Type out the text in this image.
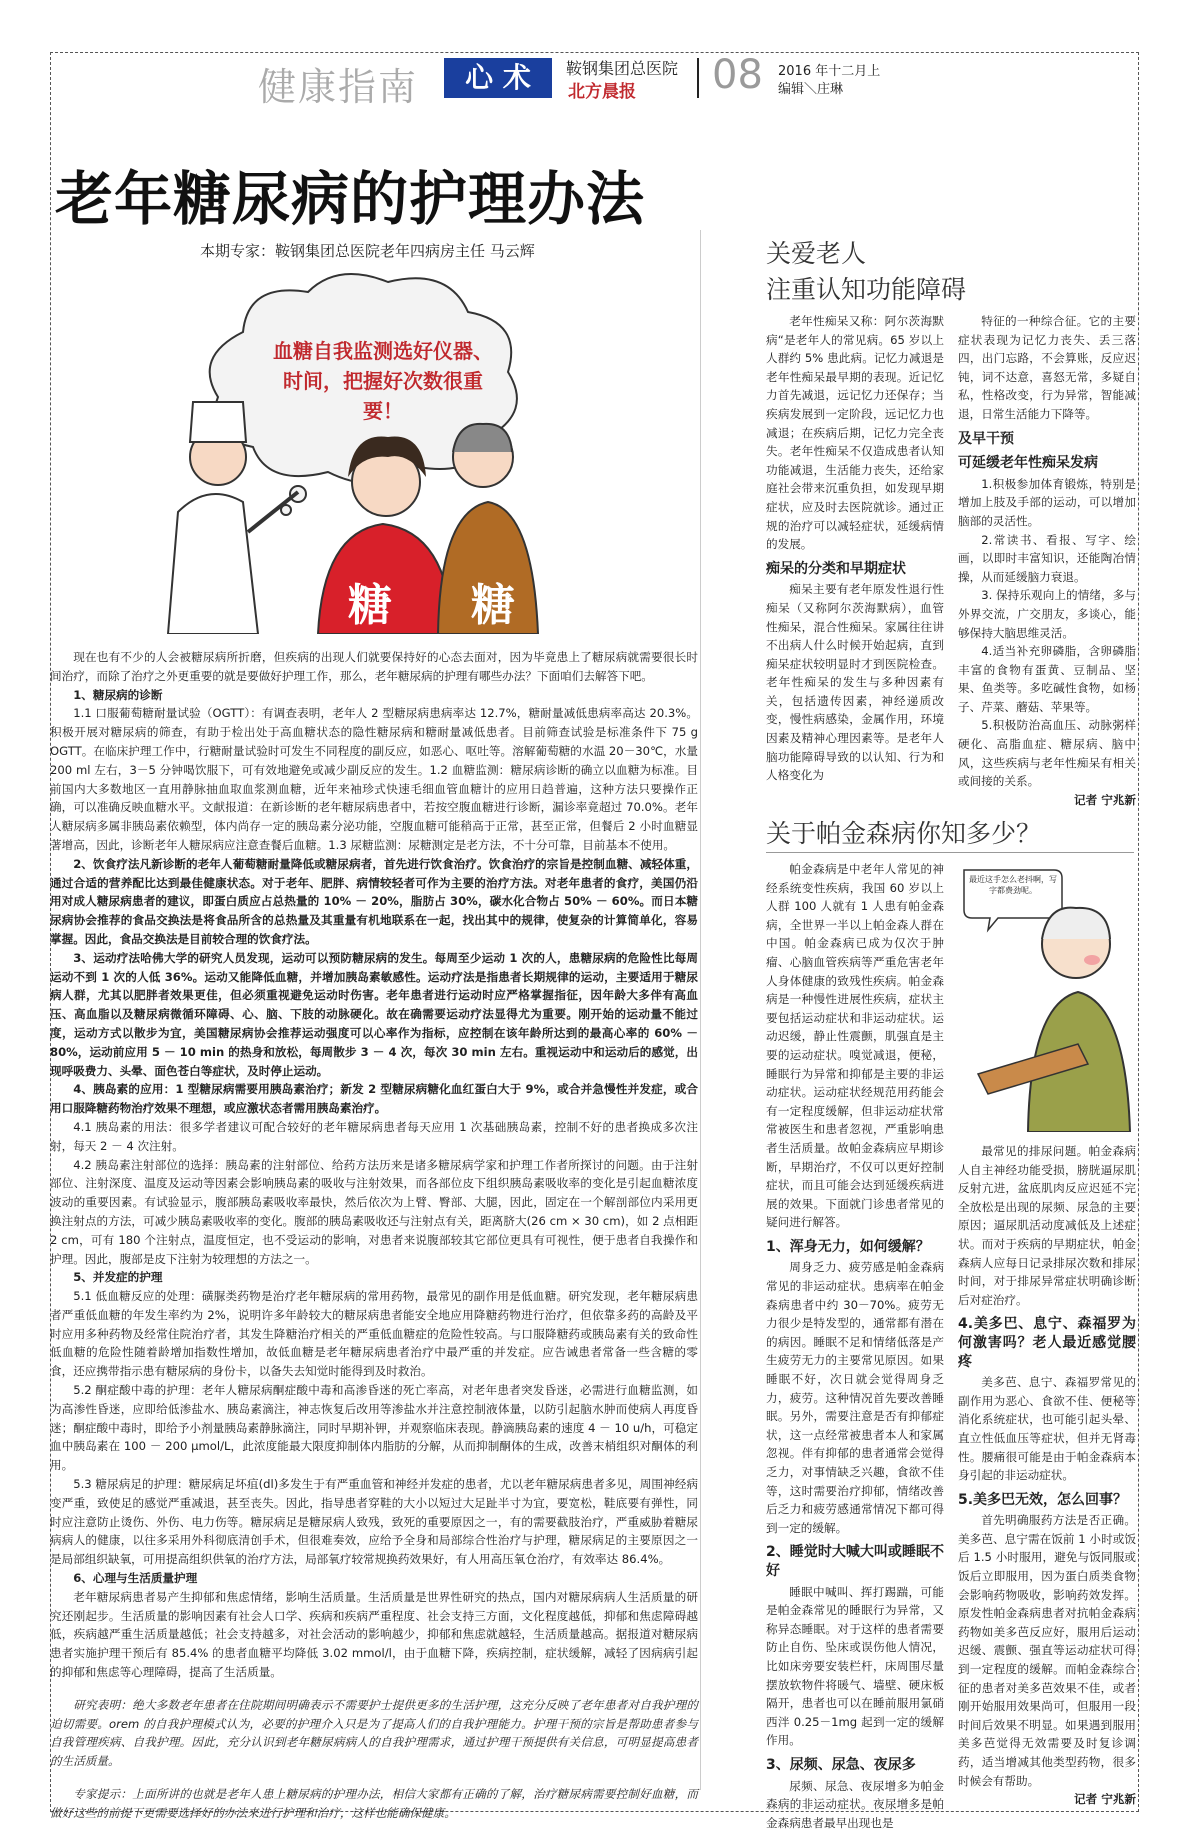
健康指南	心 术	鞍钢集团总医院
北方晨报 08 2016 年十二月上
编辑＼庄琳
老年糖尿病的护理办法
本期专家：鞍钢集团总医院老年四病房主任 马云辉
糖 糖
血糖自我监测选好仪器、时间，把握好次数很重要！

现在也有不少的人会被糖尿病所折磨，但疾病的出现人们就要保持好的心态去面对，因为毕竟患上了糖尿病就需要很长时间治疗，而除了治疗之外更重要的就是要做好护理工作，那么，老年糖尿病的护理有哪些办法？下面咱们去解答下吧。

1、糖尿病的诊断

1.1 口服葡萄糖耐量试验（OGTT）：有调查表明，老年人 2 型糖尿病患病率达 12.7%，糖耐量减低患病率高达 20.3%。积极开展对糖尿病的筛查，有助于检出处于高血糖状态的隐性糖尿病和糖耐量减低患者。目前筛查试验是标准条件下 75 g OGTT。在临床护理工作中，行糖耐量试验时可发生不同程度的副反应，如恶心、呕吐等。溶解葡萄糖的水温 20－30℃，水量 200 ml 左右，3－5 分钟喝饮服下，可有效地避免或减少副反应的发生。1.2 血糖监测：糖尿病诊断的确立以血糖为标准。目前国内大多数地区一直用静脉抽血取血浆测血糖，近年来袖珍式快速毛细血管血糖计的应用日趋普遍，这种方法只要操作正确，可以准确反映血糖水平。文献报道：在新诊断的老年糖尿病患者中，若按空腹血糖进行诊断，漏诊率竟超过 70.0%。老年人糖尿病多属非胰岛素依赖型，体内尚存一定的胰岛素分泌功能，空腹血糖可能稍高于正常，甚至正常，但餐后 2 小时血糖显著增高，因此，诊断老年人糖尿病应注意查餐后血糖。1.3 尿糖监测：尿糖测定是老方法，不十分可靠，目前基本不使用。

2、饮食疗法凡新诊断的老年人葡萄糖耐量降低或糖尿病者，首先进行饮食治疗。饮食治疗的宗旨是控制血糖、减轻体重，通过合适的营养配比达到最佳健康状态。对于老年、肥胖、病情较轻者可作为主要的治疗方法。对老年患者的食疗，美国仍沿用对成人糖尿病患者的建议，即蛋白质应占总热量的 10% － 20%，脂肪占 30%，碳水化合物占 50% － 60%。而日本糖尿病协会推荐的食品交换法是将食品所含的总热量及其重量有机地联系在一起，找出其中的规律，使复杂的计算简单化，容易掌握。因此，食品交换法是目前较合理的饮食疗法。

3、运动疗法哈佛大学的研究人员发现，运动可以预防糖尿病的发生。每周至少运动 1 次的人，患糖尿病的危险性比每周运动不到 1 次的人低 36%。运动又能降低血糖，并增加胰岛素敏感性。运动疗法是指患者长期规律的运动，主要适用于糖尿病人群，尤其以肥胖者效果更佳，但必须重视避免运动时伤害。老年患者进行运动时应严格掌握指征，因年龄大多伴有高血压、高血脂以及糖尿病微循环障碍、心、脑、下肢的动脉硬化。故在确需要运动疗法显得尤为重要。刚开始的运动量不能过度，运动方式以散步为宜，美国糖尿病协会推荐运动强度可以心率作为指标，应控制在该年龄所达到的最高心率的 60% － 80%，运动前应用 5 － 10 min 的热身和放松，每周散步 3 － 4 次，每次 30 min 左右。重视运动中和运动后的感觉，出现呼吸费力、头晕、面色苍白等症状，及时停止运动。

4、胰岛素的应用：1 型糖尿病需要用胰岛素治疗；新发 2 型糖尿病糖化血红蛋白大于 9%，或合并急慢性并发症，或合用口服降糖药物治疗效果不理想，或应激状态者需用胰岛素治疗。

4.1 胰岛素的用法：很多学者建议可配合较好的老年糖尿病患者每天应用 1 次基础胰岛素，控制不好的患者换成多次注射，每天 2 － 4 次注射。

4.2 胰岛素注射部位的选择：胰岛素的注射部位、给药方法历来是诸多糖尿病学家和护理工作者所探讨的问题。由于注射部位、注射深度、温度及运动等因素会影响胰岛素的吸收与注射效果，而各部位皮下组织胰岛素吸收率的变化是引起血糖浓度波动的重要因素。有试验显示，腹部胰岛素吸收率最快，然后依次为上臂、臀部、大腿，因此，固定在一个解剖部位内采用更换注射点的方法，可减少胰岛素吸收率的变化。腹部的胰岛素吸收还与注射点有关，距离脐大(26 cm × 30 cm)，如 2 点相距 2 cm，可有 180 个注射点，温度恒定，也不受运动的影响，对患者来说腹部较其它部位更具有可视性，便于患者自我操作和护理。因此，腹部是皮下注射为较理想的方法之一。

5、并发症的护理

5.1 低血糖反应的处理：磺脲类药物是治疗老年糖尿病的常用药物，最常见的副作用是低血糖。研究发现，老年糖尿病患者严重低血糖的年发生率约为 2%，说明许多年龄较大的糖尿病患者能安全地应用降糖药物进行治疗，但依靠多药的高龄及平时应用多种药物及经常住院治疗者，其发生降糖治疗相关的严重低血糖症的危险性较高。与口服降糖药或胰岛素有关的致命性低血糖的危险性随着龄增加指数性增加，故低血糖是老年糖尿病患者治疗中最严重的并发症。应告诫患者常备一些含糖的零食，还应携带指示患有糖尿病的身份卡，以备失去知觉时能得到及时救治。

5.2 酮症酸中毒的护理：老年人糖尿病酮症酸中毒和高渗昏迷的死亡率高，对老年患者突发昏迷，必需进行血糖监测，如为高渗性昏迷，应即给低渗盐水、胰岛素滴注，神志恢复后改用等渗盐水并注意控制液体量，以防引起脑水肿而使病人再度昏迷；酮症酸中毒时，即给予小剂量胰岛素静脉滴注，同时早期补钾，并观察临床表现。静滴胰岛素的速度 4 － 10 u/h，可稳定血中胰岛素在 100 － 200 μmol/L，此浓度能最大限度抑制体内脂肪的分解，从而抑制酮体的生成，改善末梢组织对酮体的利用。

5.3 糖尿病足的护理：糖尿病足坏疽(dl)多发生于有严重血管和神经并发症的患者，尤以老年糖尿病患者多见，周围神经病变严重，致使足的感觉严重减退，甚至丧失。因此，指导患者穿鞋的大小以短过大足趾半寸为宜，要宽松，鞋底要有弹性，同时应注意防止烫伤、外伤、电力伤等。糖尿病足是糖尿病人致残，致死的重要原因之一，有的需要截肢治疗，严重威胁着糖尿病病人的健康，以往多采用外科彻底清创手术，但很难奏效，应给予全身和局部综合性治疗与护理，糖尿病足的主要原因之一是局部组织缺氧，可用提高组织供氧的治疗方法，局部氧疗较常规换药效果好，有人用高压氧仓治疗，有效率达 86.4%。

6、心理与生活质量护理

老年糖尿病患者易产生抑郁和焦虑情绪，影响生活质量。生活质量是世界性研究的热点，国内对糖尿病病人生活质量的研究还刚起步。生活质量的影响因素有社会人口学、疾病和疾病严重程度、社会支持三方面，文化程度越低，抑郁和焦虑障碍越低，疾病越严重生活质量越低；社会支持越多，对社会活动的影响越少，抑郁和焦虑就越轻，生活质量越高。据报道对糖尿病患者实施护理干预后有 85.4% 的患者血糖平均降低 3.02 mmol/l，由于血糖下降，疾病控制，症状缓解，减轻了因病病引起的抑郁和焦虑等心理障碍，提高了生活质量。

研究表明：绝大多数老年患者在住院期间明确表示不需要护士提供更多的生活护理，这充分反映了老年患者对自我护理的迫切需要。orem 的自我护理模式认为，必要的护理介入只是为了提高人们的自我护理能力。护理干预的宗旨是帮助患者参与自我管理疾病、自我护理。因此，充分认识到老年糖尿病病人的自我护理需求，通过护理干预提供有关信息，可明显提高患者的生活质量。

专家提示：上面所讲的也就是老年人患上糖尿病的护理办法，相信大家都有正确的了解，治疗糖尿病需要控制好血糖，而做好这些的前提下更需要选择好的办法来进行护理和治疗，这样也能确保健康。

关爱老人
注重认知功能障碍

老年性痴呆又称：阿尔茨海默病“是老年人的常见病。65 岁以上人群约 5% 患此病。记忆力减退是老年性痴呆最早期的表现。近记忆力首先减退，远记忆力还保存；当疾病发展到一定阶段，远记忆力也减退；在疾病后期，记忆力完全丧失。老年性痴呆不仅造成患者认知功能减退，生活能力丧失，还给家庭社会带来沉重负担，如发现早期症状，应及时去医院就诊。通过正规的治疗可以减轻症状，延缓病情的发展。

痴呆的分类和早期症状

痴呆主要有老年原发性退行性痴呆（又称阿尔茨海默病），血管性痴呆，混合性痴呆。家属往往讲不出病人什么时候开始起病，直到痴呆症状较明显时才到医院检查。老年性痴呆的发生与多种因素有关，包括遗传因素，神经递质改变，慢性病感染，金属作用，环境因素及精神心理因素等。是老年人脑功能障碍导致的以认知、行为和人格变化为

特征的一种综合征。它的主要症状表现为记忆力丧失、丢三落四，出门忘路，不会算账，反应迟钝，词不达意，喜怒无常，多疑自私，性格改变，行为异常，智能减退，日常生活能力下降等。

及早干预
可延缓老年性痴呆发病

1.积极参加体育锻炼，特别是增加上肢及手部的运动，可以增加脑部的灵活性。

2.常读书、看报、写字、绘画，以即时丰富知识，还能陶冶情操，从而延缓脑力衰退。

3. 保持乐观向上的情绪，多与外界交流，广交朋友，多谈心，能够保持大脑思维灵活。

4.适当补充卵磷脂，含卵磷脂丰富的食物有蛋黄、豆制品、坚果、鱼类等。多吃碱性食物，如杨子、芹菜、蘑菇、苹果等。

5.积极防治高血压、动脉粥样硬化、高脂血症、糖尿病、脑中风，这些疾病与老年性痴呆有相关或间接的关系。

记者 宁兆新

关于帕金森病你知多少？

帕金森病是中老年人常见的神经系统变性疾病，我国 60 岁以上人群 100 人就有 1 人患有帕金森病，全世界一半以上帕金森人群在中国。帕金森病已成为仅次于肿瘤、心脑血管疾病等严重危害老年人身体健康的致残性疾病。帕金森病是一种慢性进展性疾病，症状主要包括运动症状和非运动症状。运动迟缓，静止性震颤，肌强直是主要的运动症状。嗅觉减退，便秘，睡眠行为异常和抑郁是主要的非运动症状。运动症状经规范用药能会有一定程度缓解，但非运动症状常常被医生和患者忽视，严重影响患者生活质量。故帕金森病应早期诊断，早期治疗，不仅可以更好控制症状，而且可能会达到延缓疾病进展的效果。下面就门诊患者常见的疑问进行解答。

1、浑身无力，如何缓解？

周身乏力、疲劳感是帕金森病常见的非运动症状。患病率在帕金森病患者中约 30－70%。疲劳无力很少是特发型的，通常都有潜在的病因。睡眠不足和情绪低落是产生疲劳无力的主要常见原因。如果睡眠不好，次日就会觉得周身乏力，疲劳。这种情况首先要改善睡眠。另外，需要注意是否有抑郁症状，这一点经常被患者本人和家属忽视。伴有抑郁的患者通常会觉得乏力，对事情缺乏兴趣，食欲不佳等，这时需要治疗抑郁，情绪改善后乏力和疲劳感通常情况下都可得到一定的缓解。

2、睡觉时大喊大叫或睡眠不好

睡眠中喊叫、挥打踢踹，可能是帕金森常见的睡眠行为异常，又称异态睡眠。对于这样的患者需要防止自伤、坠床或误伤他人情况，比如床旁要安装栏杆，床周围尽量摆放软物件将暖气、墙壁、硬床板隔开，患者也可以在睡前服用氯硝西泮 0.25－1mg 起到一定的缓解作用。

3、尿频、尿急、夜尿多

尿频、尿急、夜尿增多为帕金森病的非运动症状。夜尿增多是帕金森病患者最早出现也是

最近这手怎么老抖啊，写字都费劲呢。

最常见的排尿问题。帕金森病人自主神经功能受损，膀胱逼尿肌反射亢进，盆底肌肉反应迟延不完全放松是出现的尿频、尿急的主要原因；逼尿肌活动度减低及上述症状。而对于疾病的早期症状，帕金森病人应每日记录排尿次数和排尿时间，对于排尿异常症状明确诊断后对症治疗。

4.美多巴、息宁、森福罗为何激害吗？老人最近感觉腰疼

美多芭、息宁、森福罗常见的副作用为恶心、食欲不佳、便秘等消化系统症状，也可能引起头晕、直立性低血压等症状，但并无肾毒性。腰痛很可能是由于帕金森病本身引起的非运动症状。

5.美多巴无效，怎么回事？

首先明确服药方法是否正确。美多芭、息宁需在饭前 1 小时或饭后 1.5 小时服用，避免与饭同服或饭后立即服用，因为蛋白质类食物会影响药物吸收，影响药效发挥。原发性帕金森病患者对抗帕金森病药物如美多芭反应好，服用后运动迟缓、震颤、强直等运动症状可得到一定程度的缓解。而帕金森综合征的患者对美多芭效果不佳，或者刚开始服用效果尚可，但服用一段时间后效果不明显。如果遇到服用美多芭觉得无效需要及时复诊调药，适当增减其他类型药物，很多时候会有帮助。

记者 宁兆新
